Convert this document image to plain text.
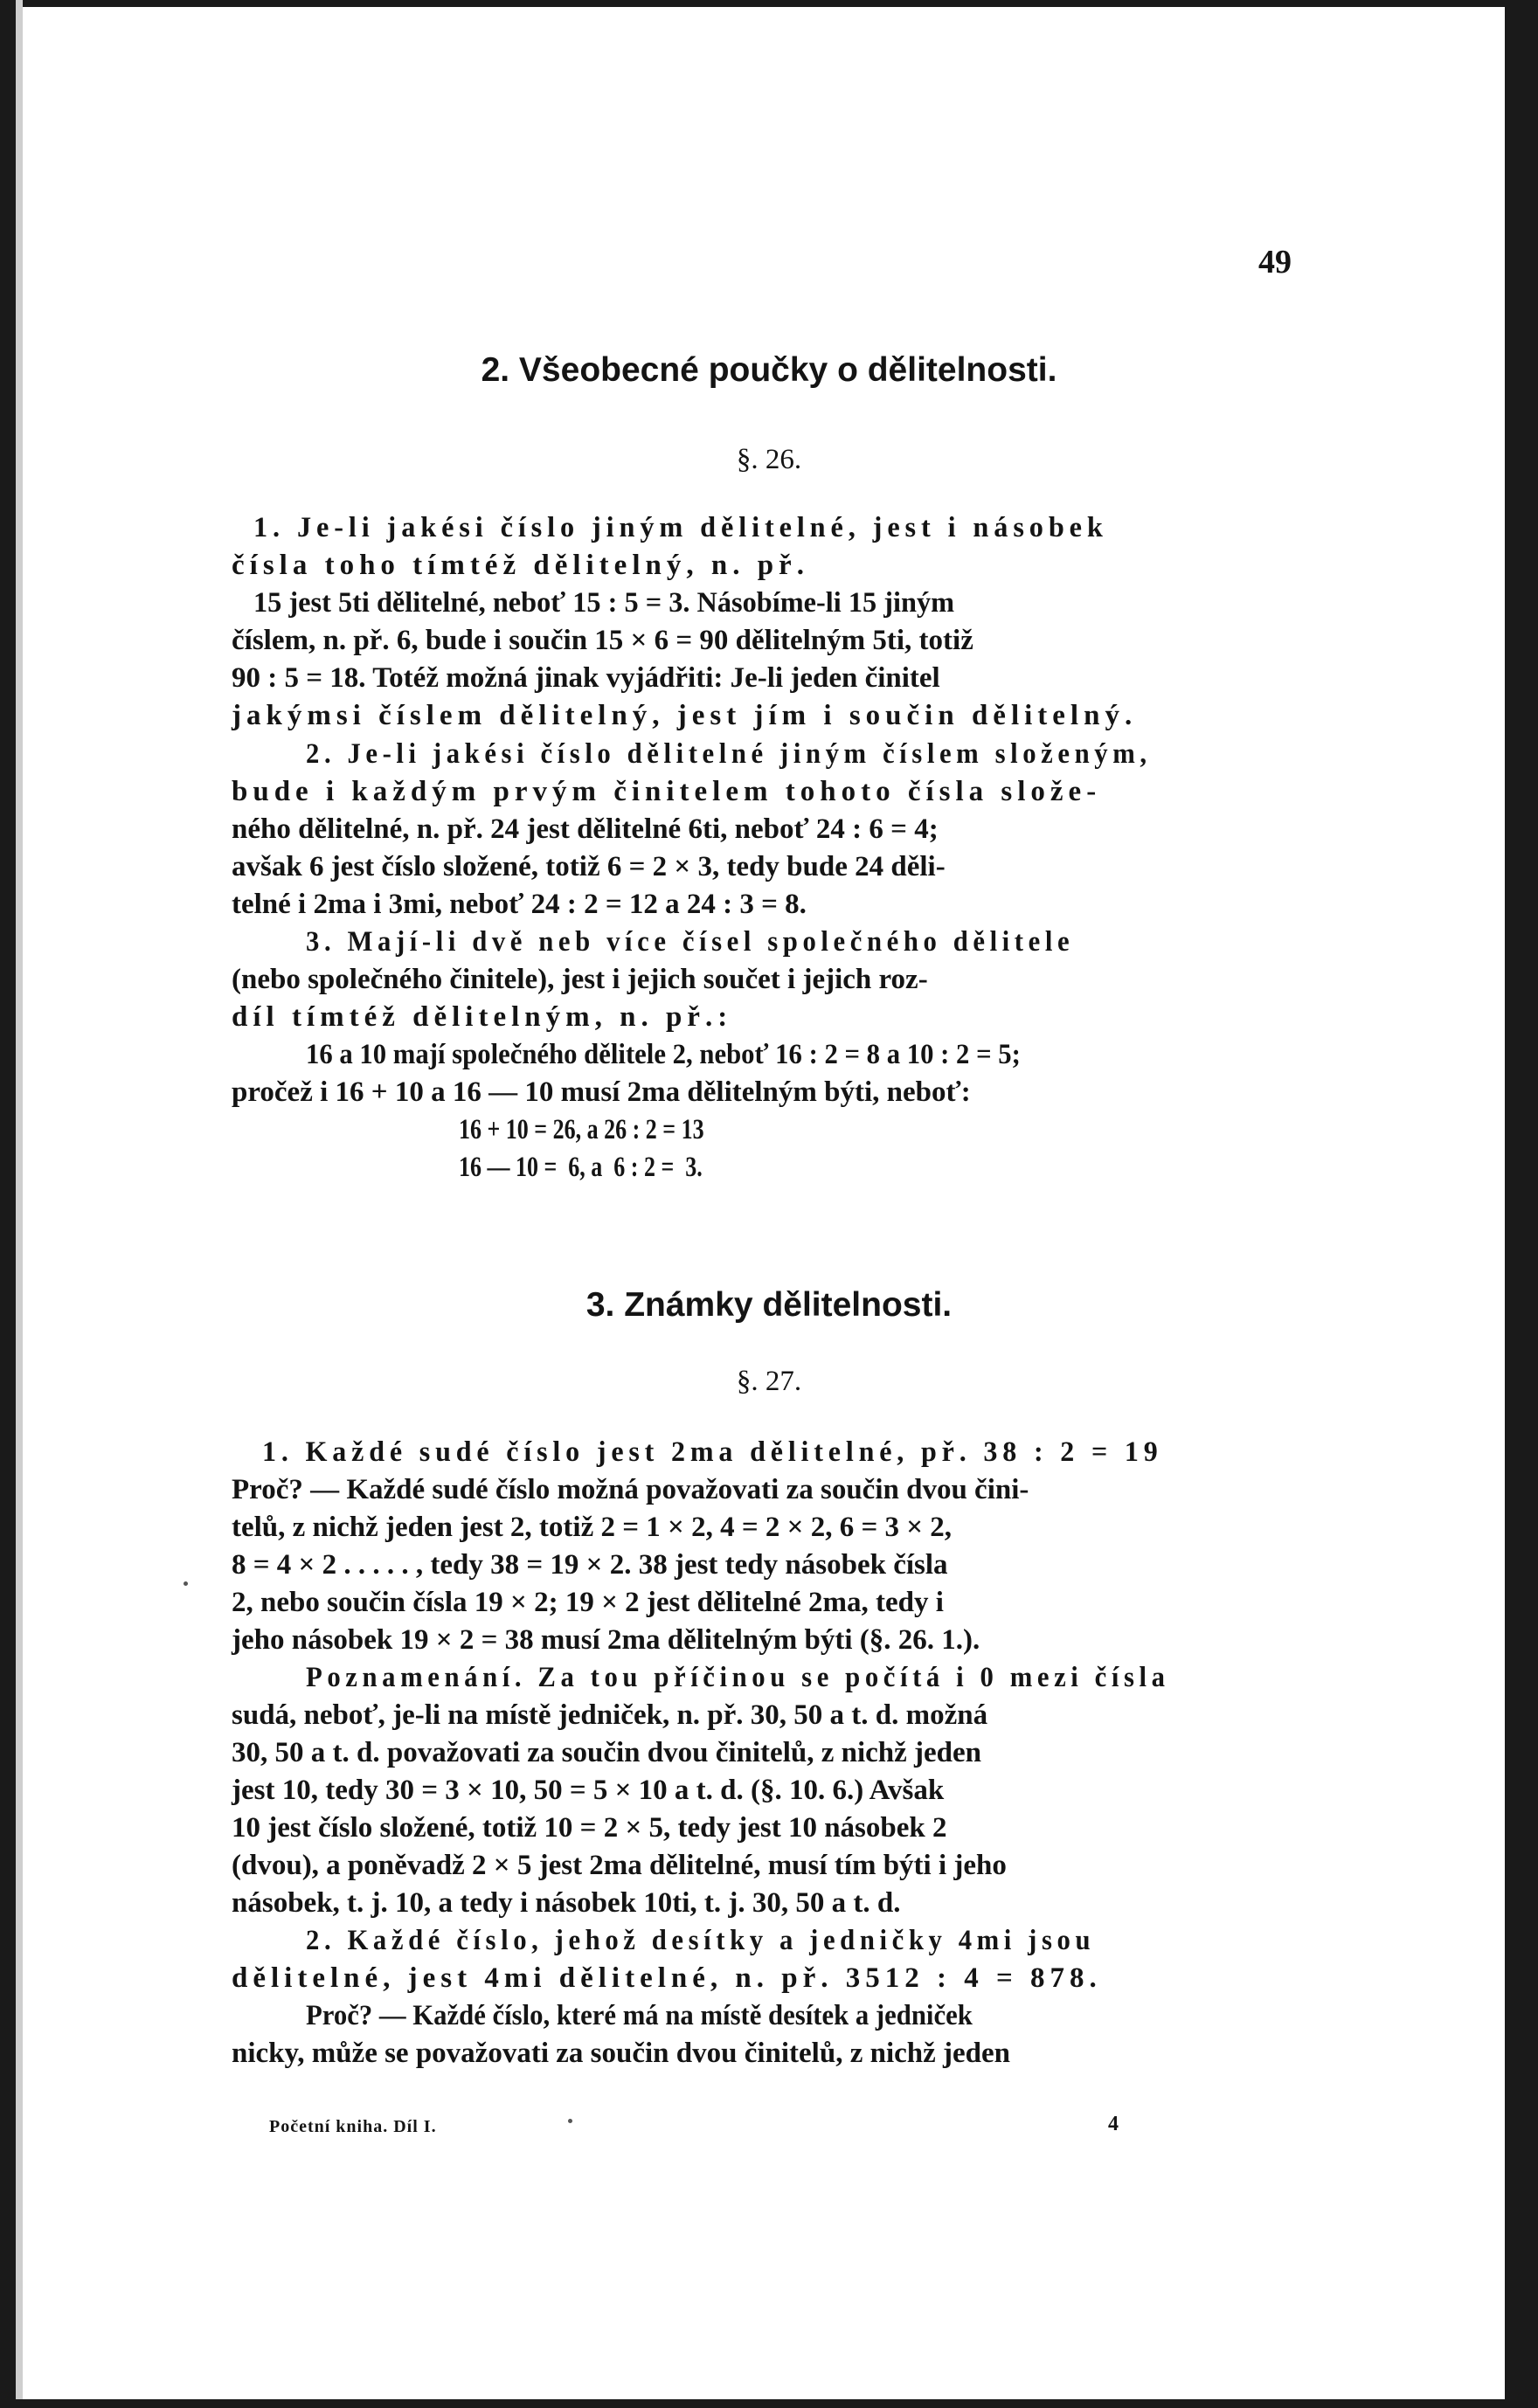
49
2. Všeobecné poučky o dělitelnosti.
§. 26.
1. Je-li jakési číslo jiným dělitelné, jest i násobek
čísla toho tímtéž dělitelný, n. př.
15 jest 5ti dělitelné, neboť 15 : 5 = 3. Násobíme-li 15 jiným
číslem, n. př. 6, bude i součin 15 × 6 = 90 dělitelným 5ti, totiž
90 : 5 = 18. Totéž možná jinak vyjádřiti: Je-li jeden činitel
jakýmsi číslem dělitelný, jest jím i součin dělitelný.
2. Je-li jakési číslo dělitelné jiným číslem složeným,
bude i každým prvým činitelem tohoto čísla slože-
ného dělitelné, n. př. 24 jest dělitelné 6ti, neboť 24 : 6 = 4;
avšak 6 jest číslo složené, totiž 6 = 2 × 3, tedy bude 24 děli-
telné i 2ma i 3mi, neboť 24 : 2 = 12 a 24 : 3 = 8.
3. Mají-li dvě neb více čísel společného dělitele
(nebo společného činitele), jest i jejich součet i jejich roz-
díl tímtéž dělitelným, n. př.:
16 a 10 mají společného dělitele 2, neboť 16 : 2 = 8 a 10 : 2 = 5;
pročež i 16 + 10 a 16 — 10 musí 2ma dělitelným býti, neboť:
16 + 10 = 26, a 26 : 2 = 13
16 — 10 =  6, a  6 : 2 =  3.
3. Známky dělitelnosti.
§. 27.
1. Každé sudé číslo jest 2ma dělitelné, př. 38 : 2 = 19
Proč? — Každé sudé číslo možná považovati za součin dvou čini-
telů, z nichž jeden jest 2, totiž 2 = 1 × 2, 4 = 2 × 2, 6 = 3 × 2,
8 = 4 × 2 . . . . . , tedy 38 = 19 × 2. 38 jest tedy násobek čísla
2, nebo součin čísla 19 × 2; 19 × 2 jest dělitelné 2ma, tedy i
jeho násobek 19 × 2 = 38 musí 2ma dělitelným býti (§. 26. 1.).
Poznamenání. Za tou příčinou se počítá i 0 mezi čísla
sudá, neboť, je-li na místě jedniček, n. př. 30, 50 a t. d. možná
30, 50 a t. d. považovati za součin dvou činitelů, z nichž jeden
jest 10, tedy 30 = 3 × 10, 50 = 5 × 10 a t. d. (§. 10. 6.) Avšak
10 jest číslo složené, totiž 10 = 2 × 5, tedy jest 10 násobek 2
(dvou), a poněvadž 2 × 5 jest 2ma dělitelné, musí tím býti i jeho
násobek, t. j. 10, a tedy i násobek 10ti, t. j. 30, 50 a t. d.
2. Každé číslo, jehož desítky a jedničky 4mi jsou
dělitelné, jest 4mi dělitelné, n. př. 3512 : 4 = 878.
Proč? — Každé číslo, které má na místě desítek a jedniček
nicky, může se považovati za součin dvou činitelů, z nichž jeden
Početní kniha. Díl I.	4
